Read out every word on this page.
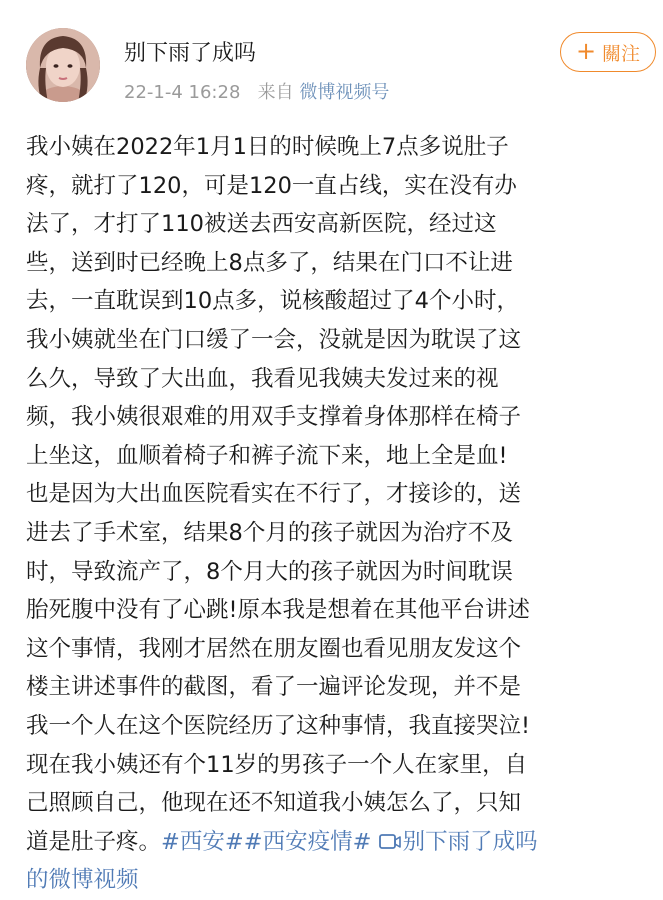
别下雨了成吗
22-1-4 16:28 来自 微博视频号
+ 關注
我小姨在2022年1月1日的时候晚上7点多说肚子
疼，就打了120，可是120一直占线，实在没有办
法了，才打了110被送去西安高新医院，经过这
些，送到时已经晚上8点多了，结果在门口不让进
去，一直耽误到10点多，说核酸超过了4个小时，
我小姨就坐在门口缓了一会，没就是因为耽误了这
么久，导致了大出血，我看见我姨夫发过来的视
频，我小姨很艰难的用双手支撑着身体那样在椅子
上坐这，血顺着椅子和裤子流下来，地上全是血!
也是因为大出血医院看实在不行了，才接诊的，送
进去了手术室，结果8个月的孩子就因为治疗不及
时，导致流产了，8个月大的孩子就因为时间耽误
胎死腹中没有了心跳!原本我是想着在其他平台讲述
这个事情，我刚才居然在朋友圈也看见朋友发这个
楼主讲述事件的截图，看了一遍评论发现，并不是
我一个人在这个医院经历了这种事情，我直接哭泣!
现在我小姨还有个11岁的男孩子一个人在家里，自
己照顾自己，他现在还不知道我小姨怎么了，只知
道是肚子疼。#西安##西安疫情# 别下雨了成吗
的微博视频
